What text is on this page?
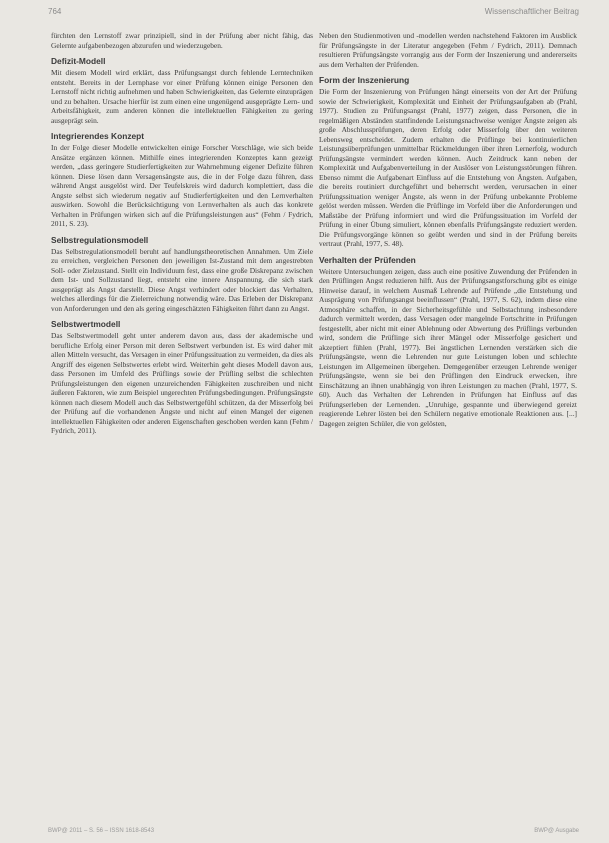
764	Wissenschaftlicher Beitrag

fürchten den Lernstoff zwar prinzipiell, sind in der Prüfung aber nicht fähig, das Gelernte aufgabenbezogen abzurufen und wiederzugeben.

Defizit-Modell

Mit diesem Modell wird erklärt, dass Prüfungsangst durch fehlende Lerntechniken entsteht. Bereits in der Lernphase vor einer Prüfung können einige Personen den Lernstoff nicht richtig aufnehmen und haben Schwierigkeiten, das Gelernte einzuprägen und zu behalten. Ursache hierfür ist zum einen eine ungenügend ausgeprägte Lern- und Arbeitsfähigkeit, zum anderen können die intellektuellen Fähigkeiten zu gering ausgeprägt sein.

Integrierendes Konzept

In der Folge dieser Modelle entwickelten einige Forscher Vorschläge, wie sich beide Ansätze ergänzen können. Mithilfe eines integrierenden Konzeptes kann gezeigt werden, „dass geringere Studierfertigkeiten zur Wahrnehmung eigener Defizite führen können. Diese lösen dann Versagensängste aus, die in der Folge dazu führen, dass während Angst ausgelöst wird. Der Teufelskreis wird dadurch komplettiert, dass die Angste selbst sich wiederum negativ auf Studierfertigkeiten und den Lernverhalten auswirken. Sowohl die Berücksichtigung von Lernverhalten als auch das konkrete Verhalten in Prüfungen wirken sich auf die Prüfungsleistungen aus“ (Fehm / Fydrich, 2011, S. 23).

Selbstregulationsmodell

Das Selbstregulationsmodell beruht auf handlungstheoretischen Annahmen. Um Ziele zu erreichen, vergleichen Personen den jeweiligen Ist-Zustand mit dem angestrebten Soll- oder Zielzustand. Stellt ein Individuum fest, dass eine große Diskrepanz zwischen dem Ist- und Sollzustand liegt, entsteht eine innere Anspannung, die sich stark ausgeprägt als Angst darstellt. Diese Angst verhindert oder blockiert das Verhalten, welches allerdings für die Zielerreichung notwendig wäre. Das Erleben der Diskrepanz von Anforderungen und den als gering eingeschätzten Fähigkeiten führt dann zu Angst.

Selbstwertmodell

Das Selbstwertmodell geht unter anderem davon aus, dass der akademische und berufliche Erfolg einer Person mit deren Selbstwert verbunden ist. Es wird daher mit allen Mitteln versucht, das Versagen in einer Prüfungssituation zu vermeiden, da dies als Angriff des eigenen Selbstwertes erlebt wird. Weiterhin geht dieses Modell davon aus, dass Personen im Umfeld des Prüflings sowie der Prüfling selbst die schlechten Prüfungsleistungen den eigenen unzureichenden Fähigkeiten zuschreiben und nicht äußeren Faktoren, wie zum Beispiel ungerechten Prüfungsbedingungen. Prüfungsängste können nach diesem Modell auch das Selbstwertgefühl schützen, da der Misserfolg bei der Prüfung auf die vorhandenen Ängste und nicht auf einen Mangel der eigenen intellektuellen Fähigkeiten oder anderen Eigenschaften geschoben werden kann (Fehm / Fydrich, 2011).

Neben den Studienmotiven und -modellen werden nachstehend Faktoren im Ausblick für Prüfungsängste in der Literatur angegeben (Fehm / Fydrich, 2011). Demnach resultieren Prüfungsängste vorrangig aus der Form der Inszenierung und andererseits aus dem Verhalten der Prüfenden.

Form der Inszenierung

Die Form der Inszenierung von Prüfungen hängt einerseits von der Art der Prüfung sowie der Schwierigkeit, Komplexität und Einheit der Prüfungsaufgaben ab (Prahl, 1977). Studien zu Prüfungsangst (Prahl, 1977) zeigen, dass Personen, die in regelmäßigen Abständen stattfindende Leistungsnachweise weniger Ängste zeigen als große Abschlussprüfungen, deren Erfolg oder Misserfolg über den weiteren Lebensweg entscheidet. Zudem erhalten die Prüflinge bei kontinuierlichen Leistungsüberprüfungen unmittelbar Rückmeldungen über ihren Lernerfolg, wodurch Prüfungsängste vermindert werden können. Auch Zeitdruck kann neben der Komplexität und Aufgabenverteilung in der Auslöser von Leistungsstörungen führen. Ebenso nimmt die Aufgabenart Einfluss auf die Entstehung von Ängsten. Aufgaben, die bereits routiniert durchgeführt und beherrscht werden, verursachen in einer Prüfungssituation weniger Ängste, als wenn in der Prüfung unbekannte Probleme gelöst werden müssen. Werden die Prüflinge im Vorfeld über die Anforderungen und Maßstäbe der Prüfung informiert und wird die Prüfungssituation im Vorfeld der Prüfung in einer Übung simuliert, können ebenfalls Prüfungsängste reduziert werden. Die Prüfungsvorgänge können so geübt werden und sind in der Prüfung bereits vertraut (Prahl, 1977, S. 48).

Verhalten der Prüfenden

Weitere Untersuchungen zeigen, dass auch eine positive Zuwendung der Prüfenden in den Prüflingen Angst reduzieren hilft. Aus der Prüfungsangstforschung gibt es einige Hinweise darauf, in welchem Ausmaß Lehrende auf Prüfende „die Entstehung und Ausprägung von Prüfungsangst beeinflussen“ (Prahl, 1977, S. 62), indem diese eine Atmosphäre schaffen, in der Sicherheitsgefühle und Selbstachtung insbesondere dadurch vermittelt werden, dass Versagen oder mangelnde Fortschritte in Prüfungen festgestellt, aber nicht mit einer Ablehnung oder Abwertung des Prüflings verbunden wird, sondern die Prüflinge sich ihrer Mängel oder Misserfolge gesichert und akzeptiert fühlen (Prahl, 1977). Bei ängstlichen Lernenden verstärken sich die Prüfungsängste, wenn die Lehrenden nur gute Leistungen loben und schlechte Leistungen im Allgemeinen übergehen. Demgegenüber erzeugen Lehrende weniger Prüfungsängste, wenn sie bei den Prüflingen den Eindruck erwecken, ihre Einschätzung an ihnen unabhängig von ihren Leistungen zu machen (Prahl, 1977, S. 60). Auch das Verhalten der Lehrenden in Prüfungen hat Einfluss auf das Prüfungserleben der Lernenden. „Unruhige, gespannte und überwiegend gereizt reagierende Lehrer lösten bei den Schülern negative emotionale Reaktionen aus. [...] Dagegen zeigten Schüler, die von gelösten,

BWP@ 2011 – S. 56 – ISSN 1618-8543	BWP@ Ausgabe
